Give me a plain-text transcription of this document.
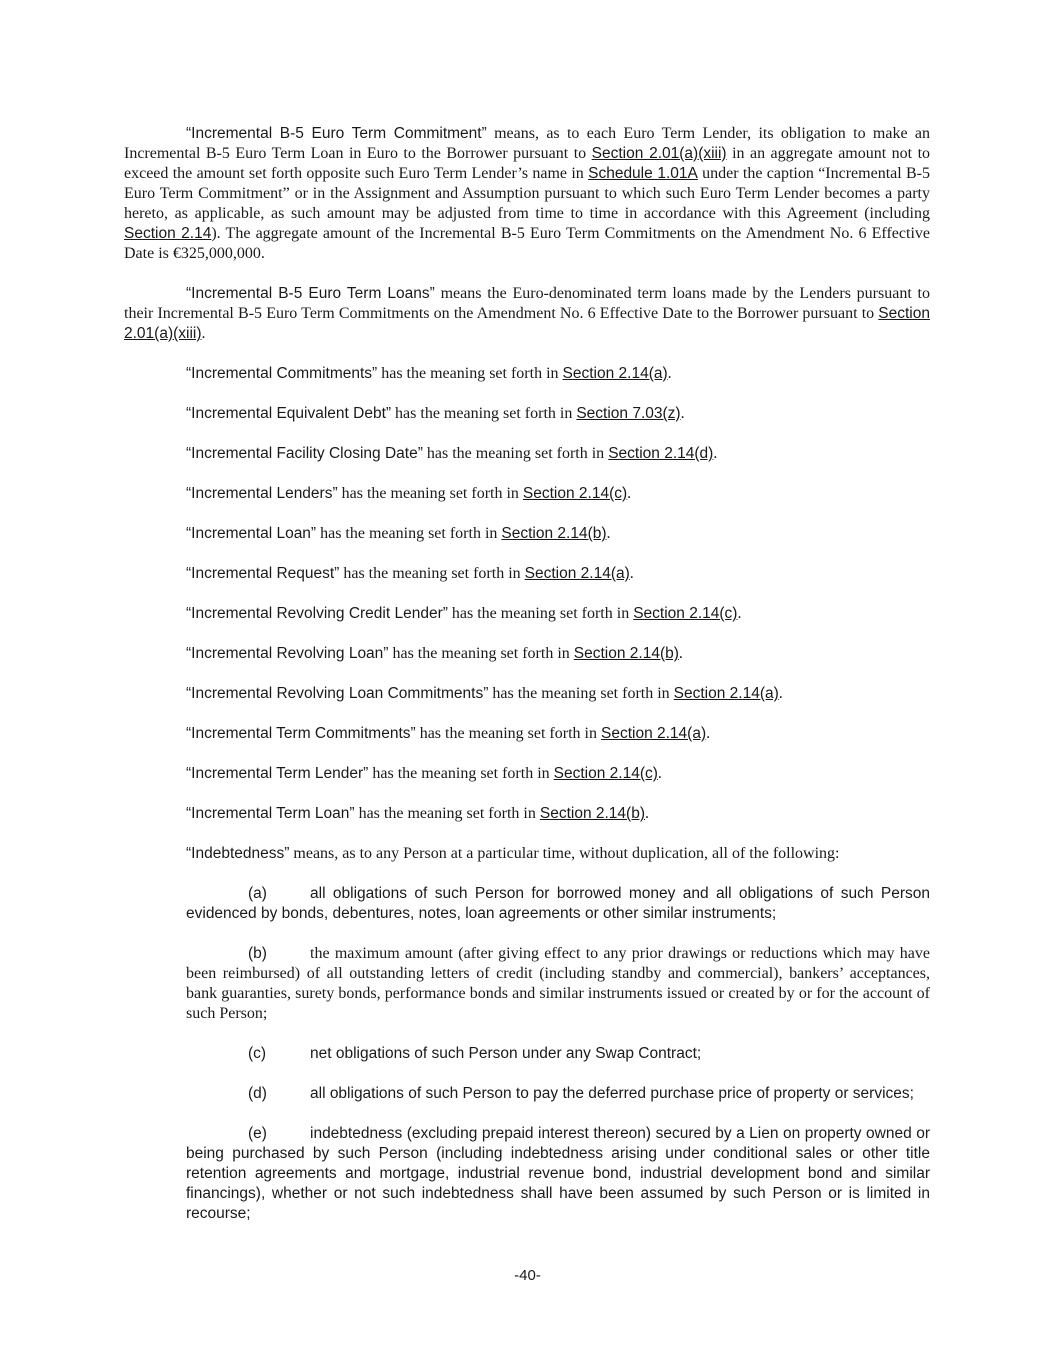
“Incremental B-5 Euro Term Commitment” means, as to each Euro Term Lender, its obligation to make an Incremental B-5 Euro Term Loan in Euro to the Borrower pursuant to Section 2.01(a)(xiii) in an aggregate amount not to exceed the amount set forth opposite such Euro Term Lender’s name in Schedule 1.01A under the caption “Incremental B-5 Euro Term Commitment” or in the Assignment and Assumption pursuant to which such Euro Term Lender becomes a party hereto, as applicable, as such amount may be adjusted from time to time in accordance with this Agreement (including Section 2.14). The aggregate amount of the Incremental B-5 Euro Term Commitments on the Amendment No. 6 Effective Date is €325,000,000.

“Incremental B-5 Euro Term Loans” means the Euro-denominated term loans made by the Lenders pursuant to their Incremental B-5 Euro Term Commitments on the Amendment No. 6 Effective Date to the Borrower pursuant to Section 2.01(a)(xiii).

“Incremental Commitments” has the meaning set forth in Section 2.14(a).

“Incremental Equivalent Debt” has the meaning set forth in Section 7.03(z).

“Incremental Facility Closing Date” has the meaning set forth in Section 2.14(d).

“Incremental Lenders” has the meaning set forth in Section 2.14(c).

“Incremental Loan” has the meaning set forth in Section 2.14(b).

“Incremental Request” has the meaning set forth in Section 2.14(a).

“Incremental Revolving Credit Lender” has the meaning set forth in Section 2.14(c).

“Incremental Revolving Loan” has the meaning set forth in Section 2.14(b).

“Incremental Revolving Loan Commitments” has the meaning set forth in Section 2.14(a).

“Incremental Term Commitments” has the meaning set forth in Section 2.14(a).

“Incremental Term Lender” has the meaning set forth in Section 2.14(c).

“Incremental Term Loan” has the meaning set forth in Section 2.14(b).

“Indebtedness” means, as to any Person at a particular time, without duplication, all of the following:

(a)	all obligations of such Person for borrowed money and all obligations of such Person evidenced by bonds, debentures, notes, loan agreements or other similar instruments;

(b)	the maximum amount (after giving effect to any prior drawings or reductions which may have been reimbursed) of all outstanding letters of credit (including standby and commercial), bankers’ acceptances, bank guaranties, surety bonds, performance bonds and similar instruments issued or created by or for the account of such Person;

(c)	net obligations of such Person under any Swap Contract;

(d)	all obligations of such Person to pay the deferred purchase price of property or services;

(e)	indebtedness (excluding prepaid interest thereon) secured by a Lien on property owned or being purchased by such Person (including indebtedness arising under conditional sales or other title retention agreements and mortgage, industrial revenue bond, industrial development bond and similar financings), whether or not such indebtedness shall have been assumed by such Person or is limited in recourse;

-40-
